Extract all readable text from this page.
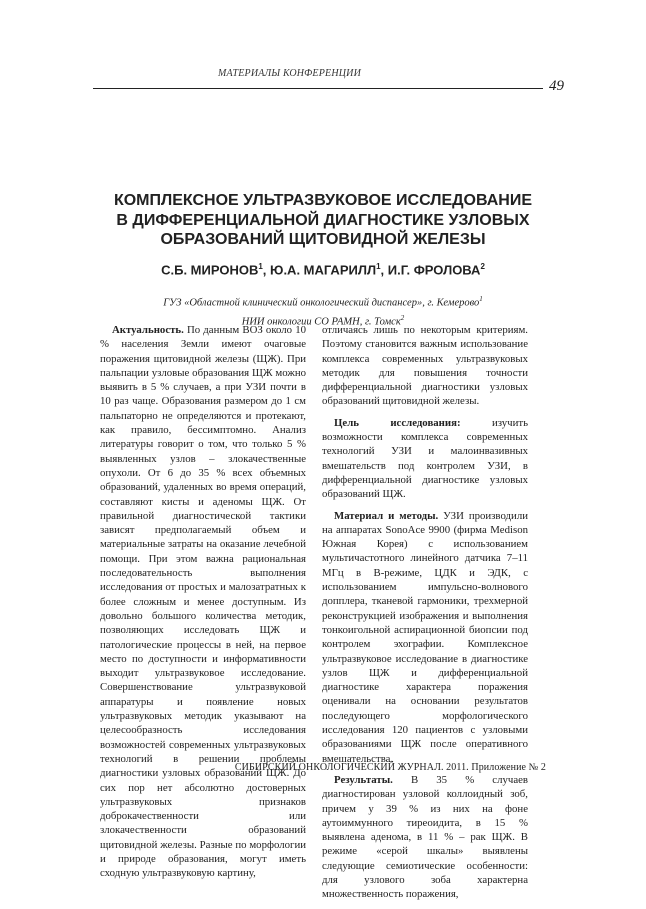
МАТЕРИАЛЫ КОНФЕРЕНЦИИ
49
КОМПЛЕКСНОЕ УЛЬТРАЗВУКОВОЕ ИССЛЕДОВАНИЕ
В ДИФФЕРЕНЦИАЛЬНОЙ ДИАГНОСТИКЕ УЗЛОВЫХ
ОБРАЗОВАНИЙ ЩИТОВИДНОЙ ЖЕЛЕЗЫ
С.Б. МИРОНОВ$^1$, Ю.А. МАГАРИЛЛ$^1$, И.Г. ФРОЛОВА$^2$
ГУЗ «Областной клинический онкологический диспансер», г. Кемерово$^1$
НИИ онкологии СО РАМН, г. Томск$^2$

Актуальность. По данным ВОЗ около 10 % населения Земли имеют очаговые поражения щитовидной железы (ЩЖ). При пальпации узловые образования ЩЖ можно выявить в 5 % случаев, а при УЗИ почти в 10 раз чаще. Образования размером до 1 см пальпаторно не определяются и протекают, как правило, бессимптомно. Анализ литературы говорит о том, что только 5 % выявленных узлов – злокачественные опухоли. От 6 до 35 % всех объемных образований, удаленных во время операций, составляют кисты и аденомы ЩЖ. От правильной диагностической тактики зависят предполагаемый объем и материальные затраты на оказание лечебной помощи. При этом важна рациональная последовательность выполнения исследования от простых и малозатратных к более сложным и менее доступным. Из довольно большого количества методик, позволяющих исследовать ЩЖ и патологические процессы в ней, на первое место по доступности и информативности выходит ультразвуковое исследование. Совершенствование ультразвуковой аппаратуры и появление новых ультразвуковых методик указывают на целесообразность исследования возможностей современных ультразвуковых технологий в решении проблемы диагностики узловых образований ЩЖ. До сих пор нет абсолютно достоверных ультразвуковых признаков доброкачественности или злокачественности образований щитовидной железы. Разные по морфологии и природе образования, могут иметь сходную ультразвуковую картину,

отличаясь лишь по некоторым критериям. Поэтому становится важным использование комплекса современных ультразвуковых методик для повышения точности дифференциальной диагностики узловых образований щитовидной железы.

Цель исследования: изучить возможности комплекса современных технологий УЗИ и малоинвазивных вмешательств под контролем УЗИ, в дифференциальной диагностике узловых образований ЩЖ.

Материал и методы. УЗИ производили на аппаратах SonoAce 9900 (фирма Medison Южная Корея) с использованием мультичастотного линейного датчика 7–11 МГц в В-режиме, ЦДК и ЭДК, с использованием импульсно-волнового допплера, тканевой гармоники, трехмерной реконструкцией изображения и выполнения тонкоигольной аспирационной биопсии под контролем эхографии. Комплексное ультразвуковое исследование в диагностике узлов ЩЖ и дифференциальной диагностике характера поражения оценивали на основании результатов последующего морфологического исследования 120 пациентов с узловыми образованиями ЩЖ после оперативного вмешательства.

Результаты. В 35 % случаев диагностирован узловой коллоидный зоб, причем у 39 % из них на фоне аутоиммунного тиреоидита, в 15 % выявлена аденома, в 11 % – рак ЩЖ. В режиме «серой шкалы» выявлены следующие семиотические особенности: для узлового зоба характерна множественность поражения,

СИБИРСКИЙ ОНКОЛОГИЧЕСКИЙ ЖУРНАЛ. 2011. Приложение № 2
